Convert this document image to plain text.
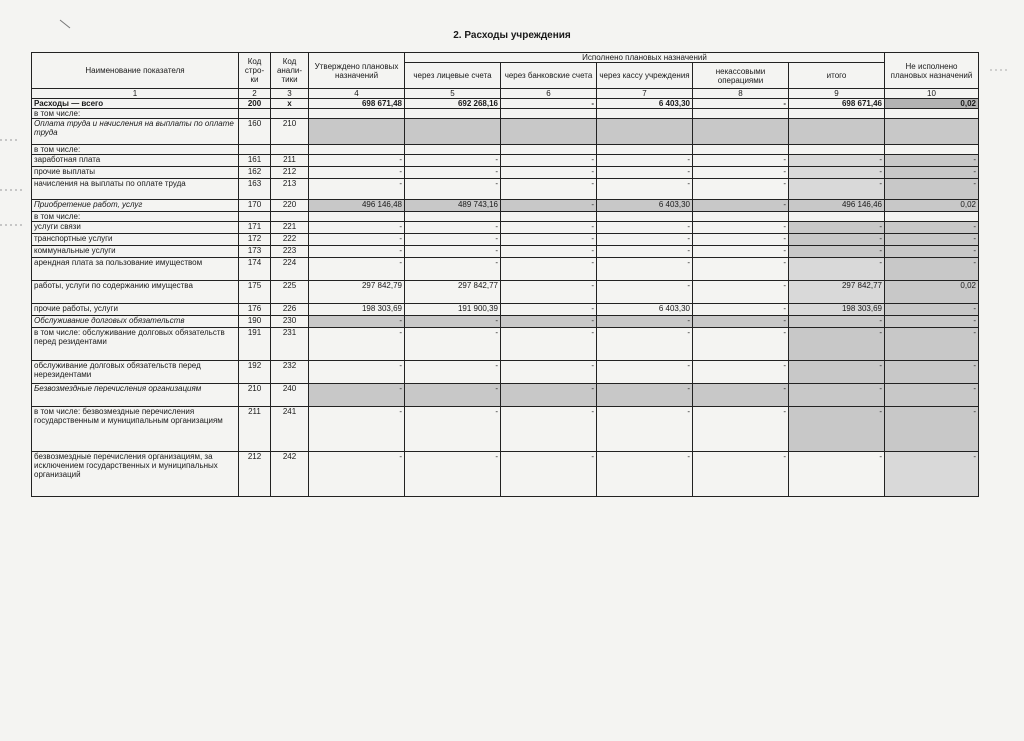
2. Расходы учреждения
Наименование показателя	Код стро- ки	Код анали- тики	Утверждено плановых назначений	Исполнено плановых назначений					Не исполнено плановых назначений
				через лицевые счета	через банковские счета	через кассу учреждения	некассовыми операциями	итого	
1	2	3	4	5	6	7	8	9	10
Расходы — всего	200	x	698 671,48	692 268,16	-	6 403,30	-	698 671,46	0,02
в том числе:									
Оплата труда и начисления на выплаты по оплате труда	160	210							
в том числе:									
заработная плата	161	211	-	-	-	-	-	-	-
прочие выплаты	162	212	-	-	-	-	-	-	-
начисления на выплаты по оплате труда	163	213	-	-	-	-	-	-	-
Приобретение работ, услуг	170	220	496 146,48	489 743,16	-	6 403,30	-	496 146,46	0,02
в том числе:									
услуги связи	171	221	-	-	-	-	-	-	-
транспортные услуги	172	222	-	-	-	-	-	-	-
коммунальные услуги	173	223	-	-	-	-	-	-	-
арендная плата за пользование имуществом	174	224	-	-	-	-	-	-	-
работы, услуги по содержанию имущества	175	225	297 842,79	297 842,77	-	-	-	297 842,77	0,02
прочие работы, услуги	176	226	198 303,69	191 900,39	-	6 403,30	-	198 303,69	-
Обслуживание долговых обязательств	190	230	-	-	-	-	-	-	-
в том числе: обслуживание долговых обязательств перед резидентами	191	231	-	-	-	-	-	-	-
обслуживание долговых обязательств перед нерезидентами	192	232	-	-	-	-	-	-	-
Безвозмездные перечисления организациям	210	240	-	-	-	-	-	-	-
в том числе: безвозмездные перечисления государственным и муниципальным организациям	211	241	-	-	-	-	-	-	-
безвозмездные перечисления организациям, за исключением государственных и муниципальных организаций	212	242	-	-	-	-	-	-	-
